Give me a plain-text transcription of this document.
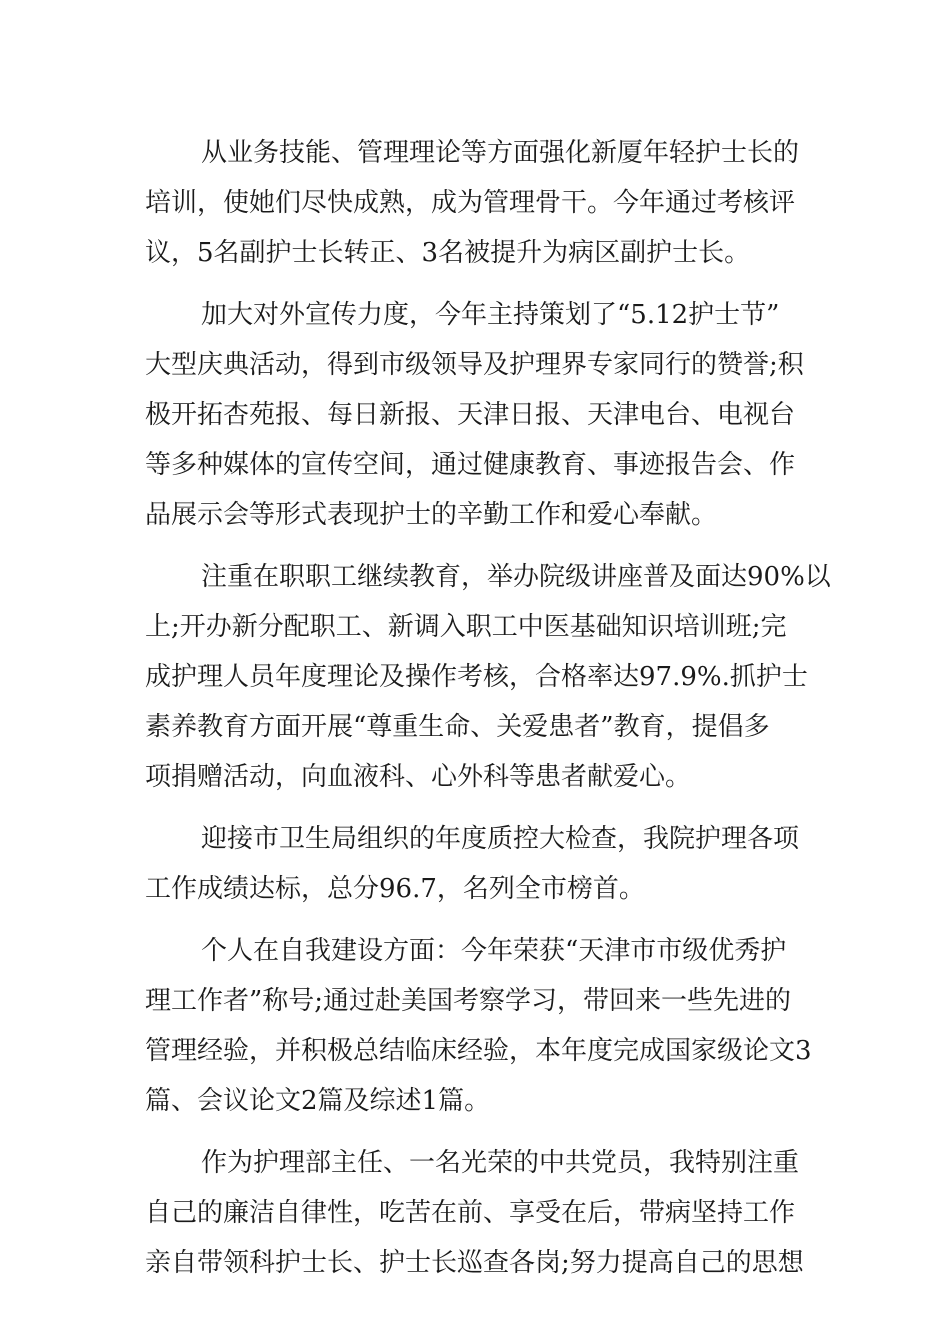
从业务技能、管理理论等方面强化新厦年轻护士长的
培训，使她们尽快成熟，成为管理骨干。今年通过考核评
议，5名副护士长转正、3名被提升为病区副护士长。
加大对外宣传力度，今年主持策划了“5.12护士节”
大型庆典活动，得到市级领导及护理界专家同行的赞誉;积
极开拓杏苑报、每日新报、天津日报、天津电台、电视台
等多种媒体的宣传空间，通过健康教育、事迹报告会、作
品展示会等形式表现护士的辛勤工作和爱心奉献。
注重在职职工继续教育，举办院级讲座普及面达90%以
上;开办新分配职工、新调入职工中医基础知识培训班;完
成护理人员年度理论及操作考核，合格率达97.9%.抓护士
素养教育方面开展“尊重生命、关爱患者”教育，提倡多
项捐赠活动，向血液科、心外科等患者献爱心。
迎接市卫生局组织的年度质控大检查，我院护理各项
工作成绩达标，总分96.7，名列全市榜首。
个人在自我建设方面：今年荣获“天津市市级优秀护
理工作者”称号;通过赴美国考察学习，带回来一些先进的
管理经验，并积极总结临床经验，本年度完成国家级论文3
篇、会议论文2篇及综述1篇。
作为护理部主任、一名光荣的中共党员，我特别注重
自己的廉洁自律性，吃苦在前、享受在后，带病坚持工作
亲自带领科护士长、护士长巡查各岗;努力提高自己的思想
